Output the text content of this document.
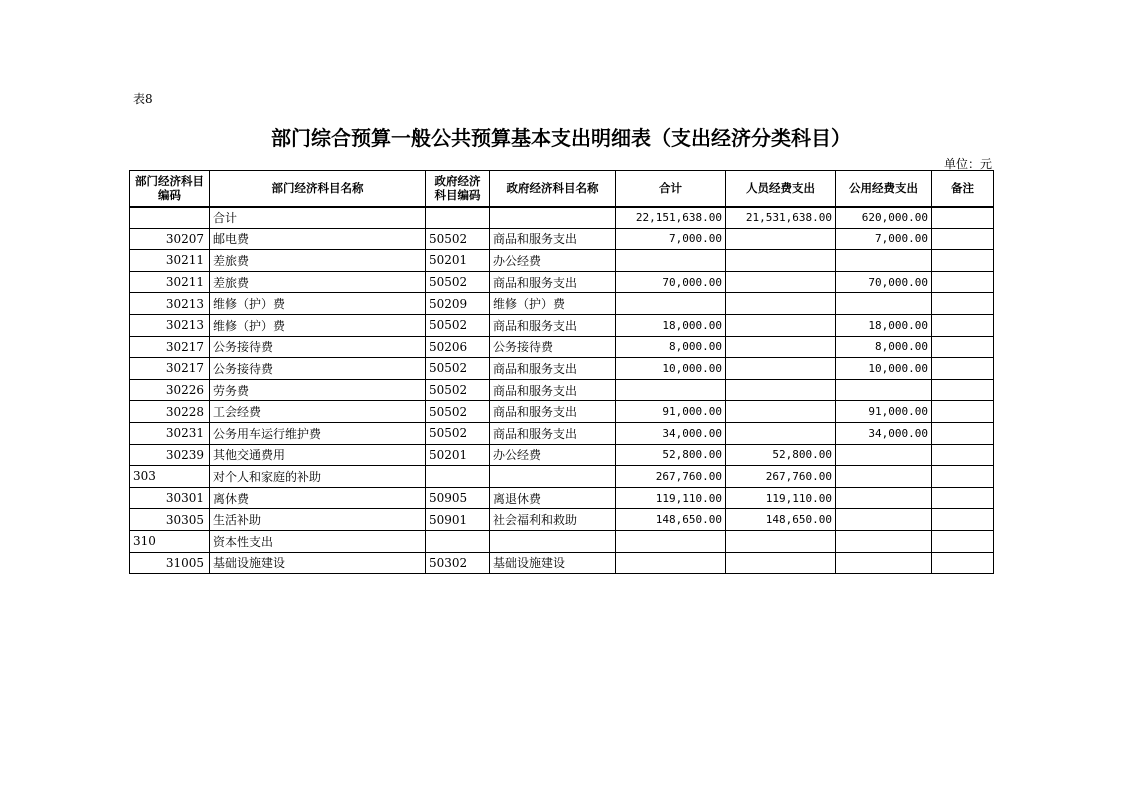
表8
部门综合预算一般公共预算基本支出明细表（支出经济分类科目）
单位：元
部门经济科目编码	部门经济科目名称	政府经济科目编码	政府经济科目名称	合计	人员经费支出	公用经费支出	备注
	合计			22,151,638.00	21,531,638.00	620,000.00	
30207	邮电费	50502	商品和服务支出	7,000.00		7,000.00	
30211	差旅费	50201	办公经费				
30211	差旅费	50502	商品和服务支出	70,000.00		70,000.00	
30213	维修（护）费	50209	维修（护）费				
30213	维修（护）费	50502	商品和服务支出	18,000.00		18,000.00	
30217	公务接待费	50206	公务接待费	8,000.00		8,000.00	
30217	公务接待费	50502	商品和服务支出	10,000.00		10,000.00	
30226	劳务费	50502	商品和服务支出				
30228	工会经费	50502	商品和服务支出	91,000.00		91,000.00	
30231	公务用车运行维护费	50502	商品和服务支出	34,000.00		34,000.00	
30239	其他交通费用	50201	办公经费	52,800.00	52,800.00		
303	对个人和家庭的补助			267,760.00	267,760.00		
30301	离休费	50905	离退休费	119,110.00	119,110.00		
30305	生活补助	50901	社会福利和救助	148,650.00	148,650.00		
310	资本性支出						
31005	基础设施建设	50302	基础设施建设				
